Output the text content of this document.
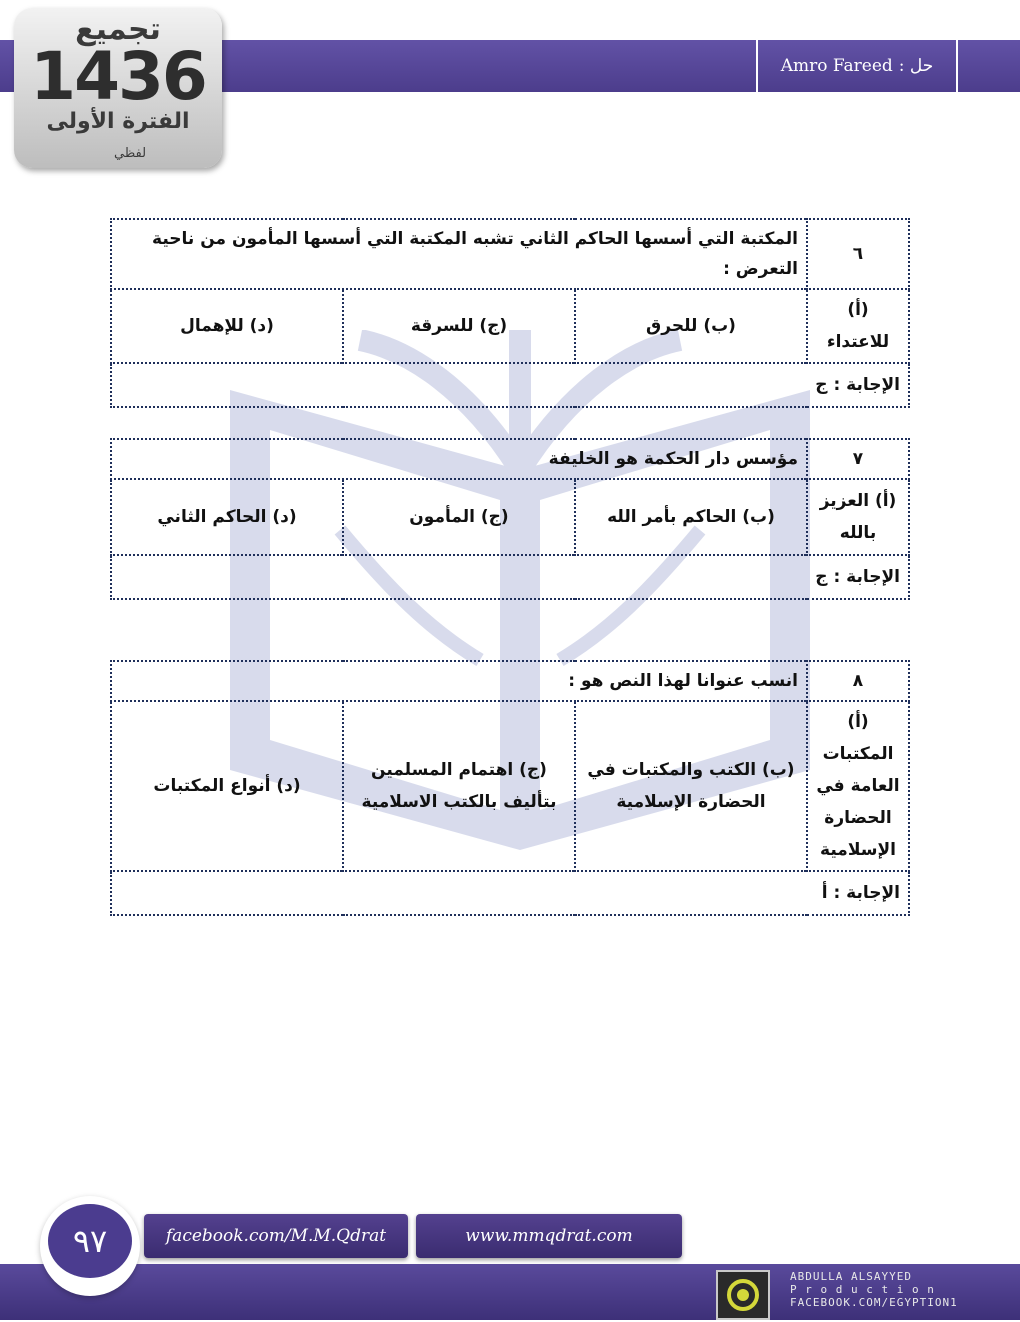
Amro Fareed حل :
تجميع
1436
الفترة الأولى
لفظي
٦	المكتبة التي أسسها الحاكم الثاني تشبه المكتبة التي أسسها المأمون من ناحية التعرض :		
(أ) للاعتداء	(ب) للحرق	(ج) للسرقة	(د) للإهمال
الإجابة : ج			
٧	مؤسس دار الحكمة هو الخليفة		
(أ) العزيز بالله	(ب) الحاكم بأمر الله	(ج) المأمون	(د) الحاكم الثاني
الإجابة : ج			
٨	انسب عنوانا لهذا النص هو :		
(أ) المكتبات العامة في الحضارة الإسلامية	(ب) الكتب والمكتبات في الحضارة الإسلامية	(ج) اهتمام المسلمين بتأليف بالكتب الاسلامية	(د) أنواع المكتبات
الإجابة : أ			
٩٧	facebook.com/M.M.Qdrat	www.mmqdrat.com
ABDULLA ALSAYYED
P r o d u c t i o n
FACEBOOK.COM/EGYPTION1
